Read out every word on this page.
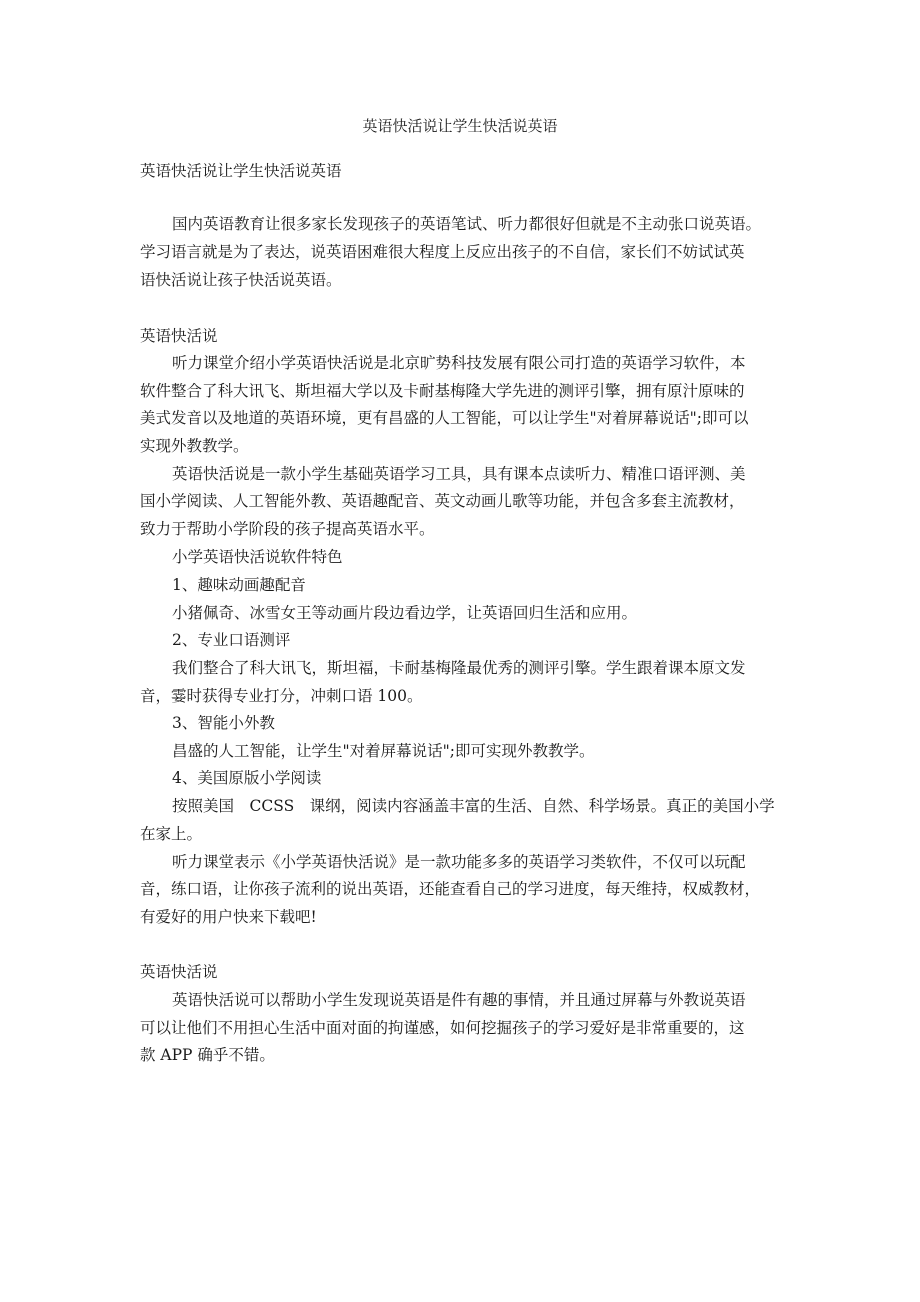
英语快活说让学生快活说英语
英语快活说让学生快活说英语
国内英语教育让很多家长发现孩子的英语笔试、听力都很好但就是不主动张口说英语。
学习语言就是为了表达，说英语困难很大程度上反应出孩子的不自信，家长们不妨试试英
语快活说让孩子快活说英语。
英语快活说
听力课堂介绍小学英语快活说是北京旷势科技发展有限公司打造的英语学习软件，本
软件整合了科大讯飞、斯坦福大学以及卡耐基梅隆大学先进的测评引擎，拥有原汁原味的
美式发音以及地道的英语环境，更有昌盛的人工智能，可以让学生"对着屏幕说话";即可以
实现外教教学。
英语快活说是一款小学生基础英语学习工具，具有课本点读听力、精准口语评测、美
国小学阅读、人工智能外教、英语趣配音、英文动画儿歌等功能，并包含多套主流教材，
致力于帮助小学阶段的孩子提高英语水平。
小学英语快活说软件特色
1、趣味动画趣配音
小猪佩奇、冰雪女王等动画片段边看边学，让英语回归生活和应用。
2、专业口语测评
我们整合了科大讯飞，斯坦福，卡耐基梅隆最优秀的测评引擎。学生跟着课本原文发
音，霎时获得专业打分，冲刺口语 100。
3、智能小外教
昌盛的人工智能，让学生"对着屏幕说话";即可实现外教教学。
4、美国原版小学阅读
按照美国　CCSS　课纲，阅读内容涵盖丰富的生活、自然、科学场景。真正的美国小学
在家上。
听力课堂表示《小学英语快活说》是一款功能多多的英语学习类软件，不仅可以玩配
音，练口语，让你孩子流利的说出英语，还能查看自己的学习进度，每天维持，权威教材，
有爱好的用户快来下载吧!
英语快活说
英语快活说可以帮助小学生发现说英语是件有趣的事情，并且通过屏幕与外教说英语
可以让他们不用担心生活中面对面的拘谨感，如何挖掘孩子的学习爱好是非常重要的，这
款 APP 确乎不错。
